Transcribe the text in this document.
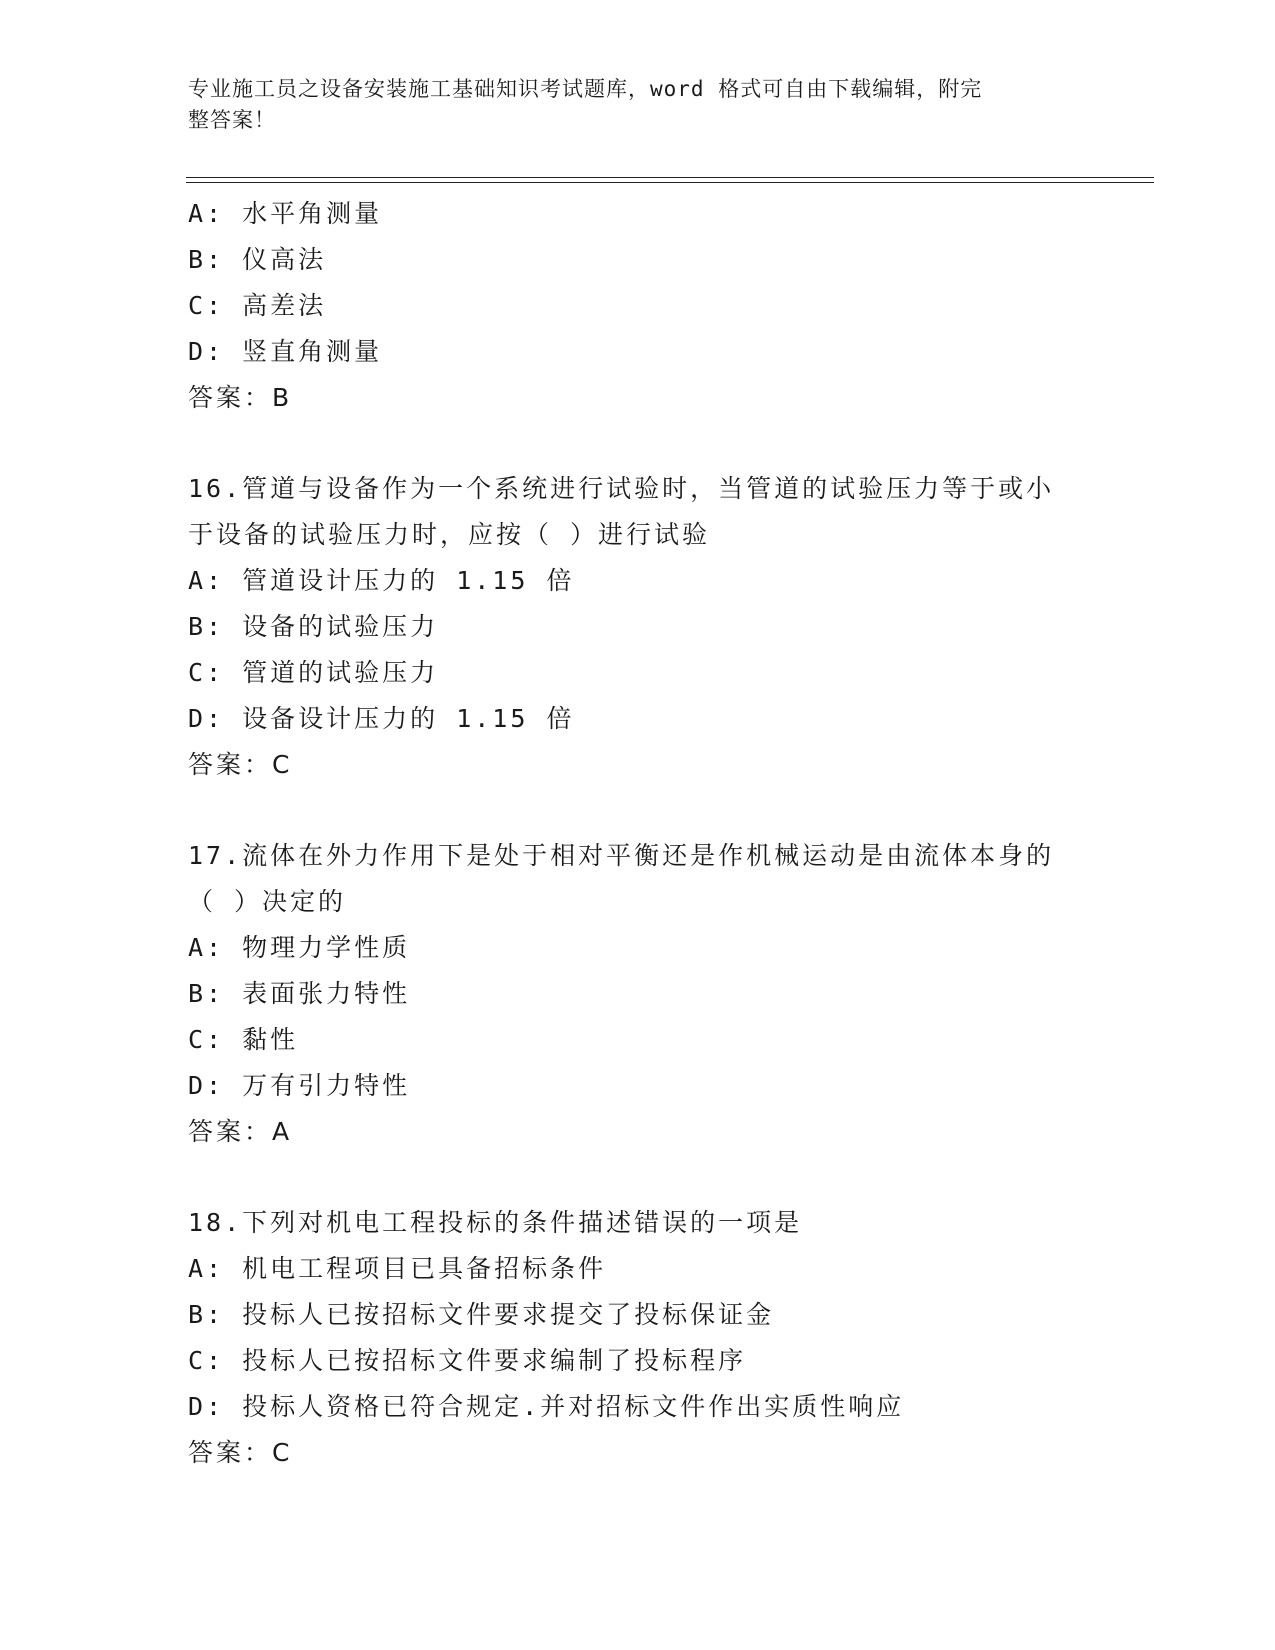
专业施工员之设备安装施工基础知识考试题库，word 格式可自由下载编辑，附完
整答案！
A: 水平角测量
B: 仪高法
C: 高差法
D: 竖直角测量
答案：B
16.管道与设备作为一个系统进行试验时，当管道的试验压力等于或小
于设备的试验压力时，应按（ ）进行试验
A: 管道设计压力的 1.15 倍
B: 设备的试验压力
C: 管道的试验压力
D: 设备设计压力的 1.15 倍
答案：C
17.流体在外力作用下是处于相对平衡还是作机械运动是由流体本身的
（ ）决定的
A: 物理力学性质
B: 表面张力特性
C: 黏性
D: 万有引力特性
答案：A
18.下列对机电工程投标的条件描述错误的一项是
A: 机电工程项目已具备招标条件
B: 投标人已按招标文件要求提交了投标保证金
C: 投标人已按招标文件要求编制了投标程序
D: 投标人资格已符合规定.并对招标文件作出实质性响应
答案：C
